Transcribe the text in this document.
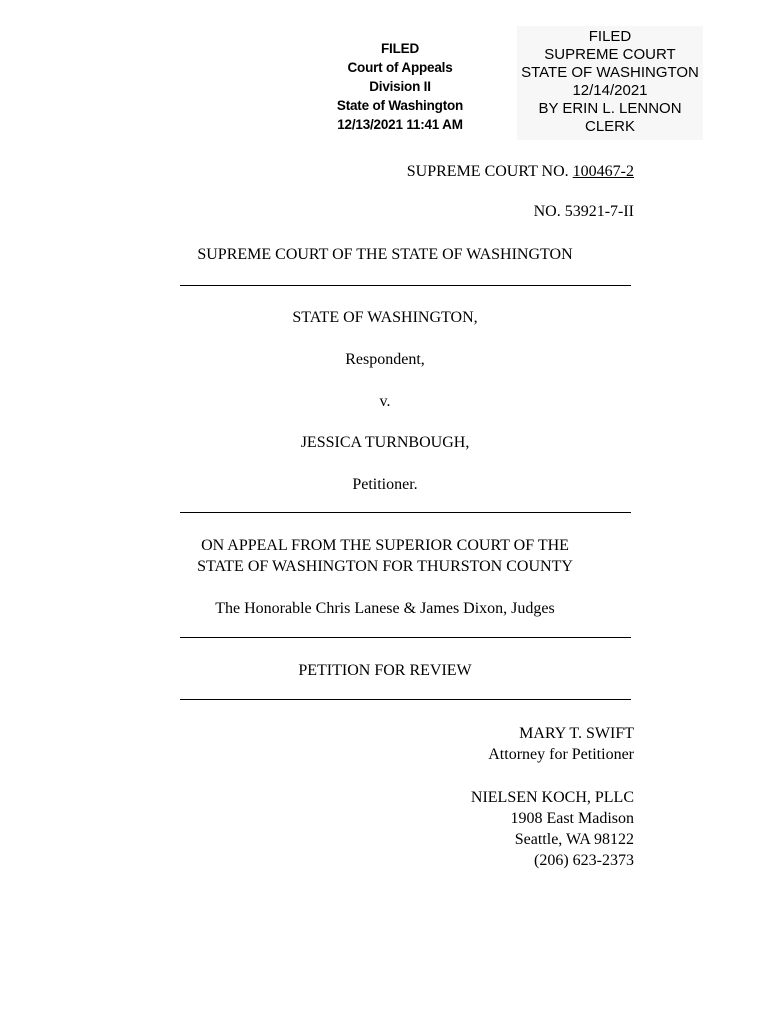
FILED
Court of Appeals
Division II
State of Washington
12/13/2021 11:41 AM
FILED
SUPREME COURT
STATE OF WASHINGTON
12/14/2021
BY ERIN L. LENNON
CLERK
SUPREME COURT NO. 100467-2
NO. 53921-7-II
SUPREME COURT OF THE STATE OF WASHINGTON
STATE OF WASHINGTON,
Respondent,
v.
JESSICA TURNBOUGH,
Petitioner.
ON APPEAL FROM THE SUPERIOR COURT OF THE
STATE OF WASHINGTON FOR THURSTON COUNTY
The Honorable Chris Lanese & James Dixon, Judges
PETITION FOR REVIEW
MARY T. SWIFT
Attorney for Petitioner
NIELSEN KOCH, PLLC
1908 East Madison
Seattle, WA 98122
(206) 623-2373
